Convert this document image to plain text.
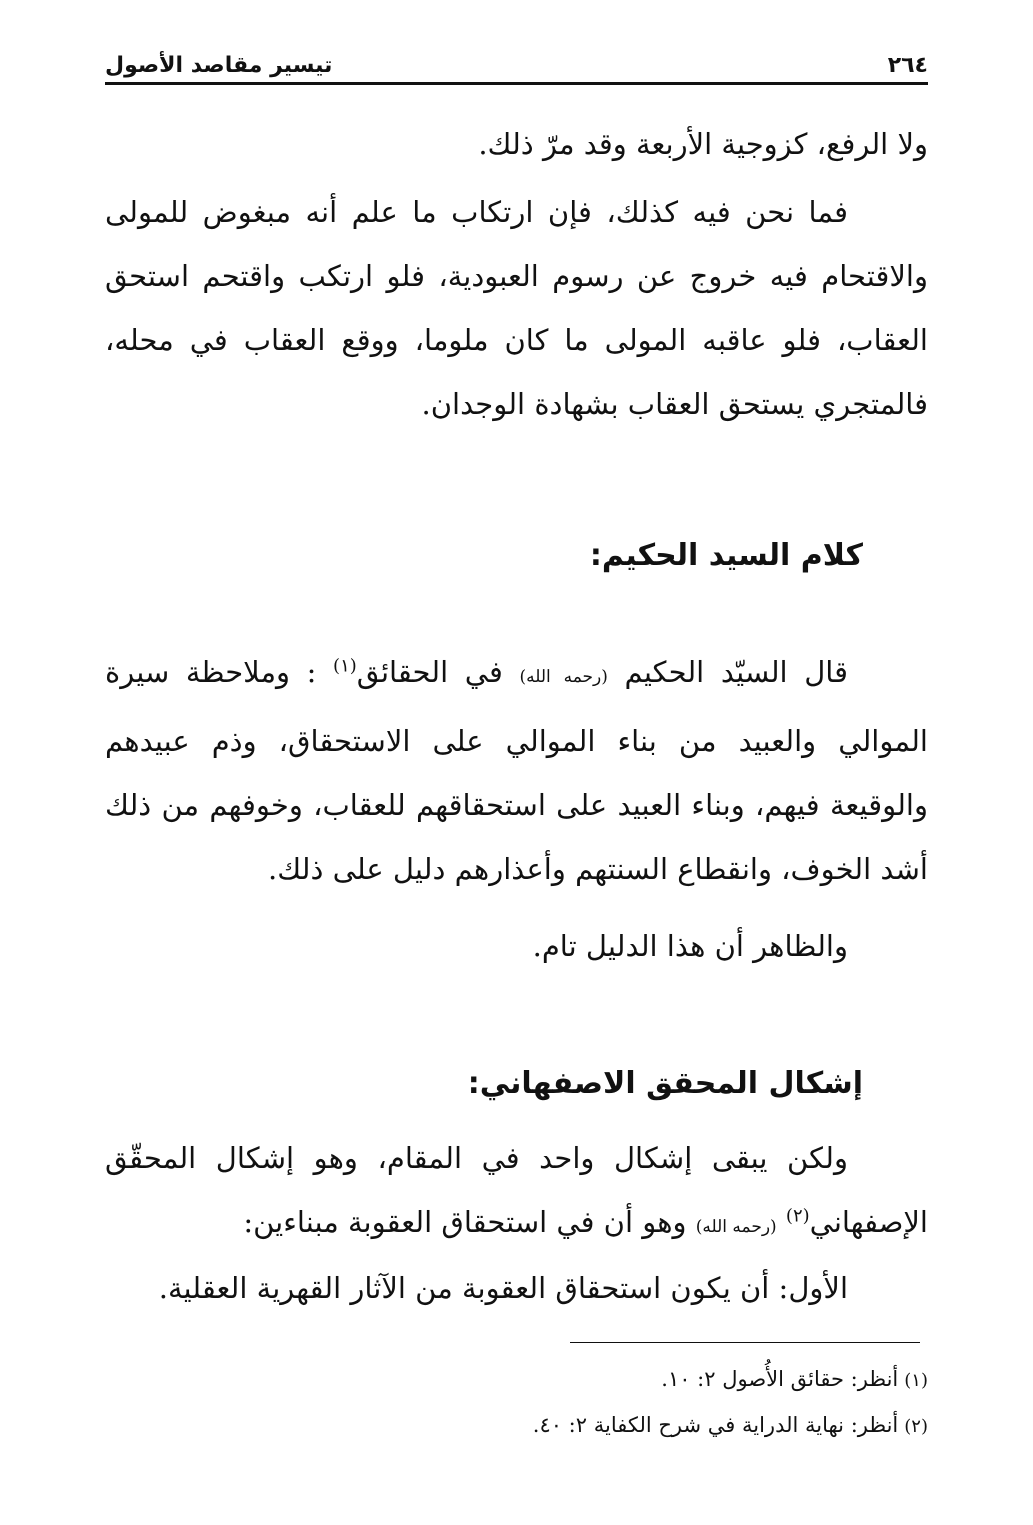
٢٦٤
تيسير مقاصد الأصول
ولا الرفع، كزوجية الأربعة وقد مرّ ذلك.
فما نحن فيه كذلك، فإن ارتكاب ما علم أنه مبغوض للمولى والاقتحام فيه خروج عن رسوم العبودية، فلو ارتكب واقتحم استحق العقاب، فلو عاقبه المولى ما كان ملوما، ووقع العقاب في محله، فالمتجري يستحق العقاب بشهادة الوجدان.
كلام السيد الحكيم:
قال السيّد الحكيم (رحمه الله) في الحقائق$^{(١)}$ : وملاحظة سيرة الموالي والعبيد من بناء الموالي على الاستحقاق، وذم عبيدهم والوقيعة فيهم، وبناء العبيد على استحقاقهم للعقاب، وخوفهم من ذلك أشد الخوف، وانقطاع السنتهم وأعذارهم دليل على ذلك.
والظاهر أن هذا الدليل تام.
إشكال المحقق الاصفهاني:
ولكن يبقى إشكال واحد في المقام، وهو إشكال المحقّق الإصفهاني$^{(٢)}$ (رحمه الله) وهو أن في استحقاق العقوبة مبناءين:
الأول: أن يكون استحقاق العقوبة من الآثار القهرية العقلية.
(١)أنظر: حقائق الأُصول ٢: ١٠.
(٢)أنظر: نهاية الدراية في شرح الكفاية ٢: ٤٠.
